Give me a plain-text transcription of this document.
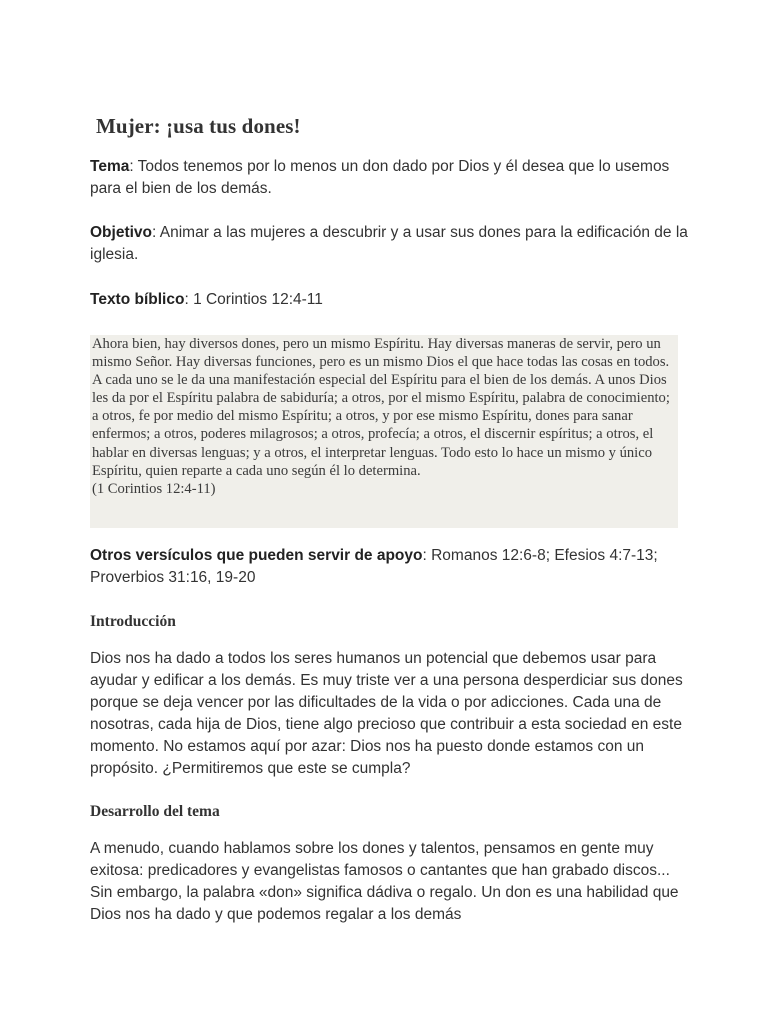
Mujer: ¡usa tus dones!

Tema: Todos tenemos por lo menos un don dado por Dios y él desea que lo usemos para el bien de los demás.

Objetivo: Animar a las mujeres a descubrir y a usar sus dones para la edificación de la iglesia.

Texto bíblico: 1 Corintios 12:4-11

Ahora bien, hay diversos dones, pero un mismo Espíritu. Hay diversas maneras de servir, pero un mismo Señor. Hay diversas funciones, pero es un mismo Dios el que hace todas las cosas en todos.

A cada uno se le da una manifestación especial del Espíritu para el bien de los demás. A unos Dios les da por el Espíritu palabra de sabiduría; a otros, por el mismo Espíritu, palabra de conocimiento; a otros, fe por medio del mismo Espíritu; a otros, y por ese mismo Espíritu, dones para sanar enfermos; a otros, poderes milagrosos; a otros, profecía; a otros, el discernir espíritus; a otros, el hablar en diversas lenguas; y a otros, el interpretar lenguas. Todo esto lo hace un mismo y único Espíritu, quien reparte a cada uno según él lo determina.

(1 Corintios 12:4-11)

Otros versículos que pueden servir de apoyo: Romanos 12:6-8; Efesios 4:7-13; Proverbios 31:16, 19-20

Introducción

Dios nos ha dado a todos los seres humanos un potencial que debemos usar para ayudar y edificar a los demás. Es muy triste ver a una persona desperdiciar sus dones porque se deja vencer por las dificultades de la vida o por adicciones. Cada una de nosotras, cada hija de Dios, tiene algo precioso que contribuir a esta sociedad en este momento. No estamos aquí por azar: Dios nos ha puesto donde estamos con un propósito. ¿Permitiremos que este se cumpla?

Desarrollo del tema

A menudo, cuando hablamos sobre los dones y talentos, pensamos en gente muy exitosa: predicadores y evangelistas famosos o cantantes que han grabado discos... Sin embargo, la palabra «don» significa dádiva o regalo. Un don es una habilidad que Dios nos ha dado y que podemos regalar a los demás
